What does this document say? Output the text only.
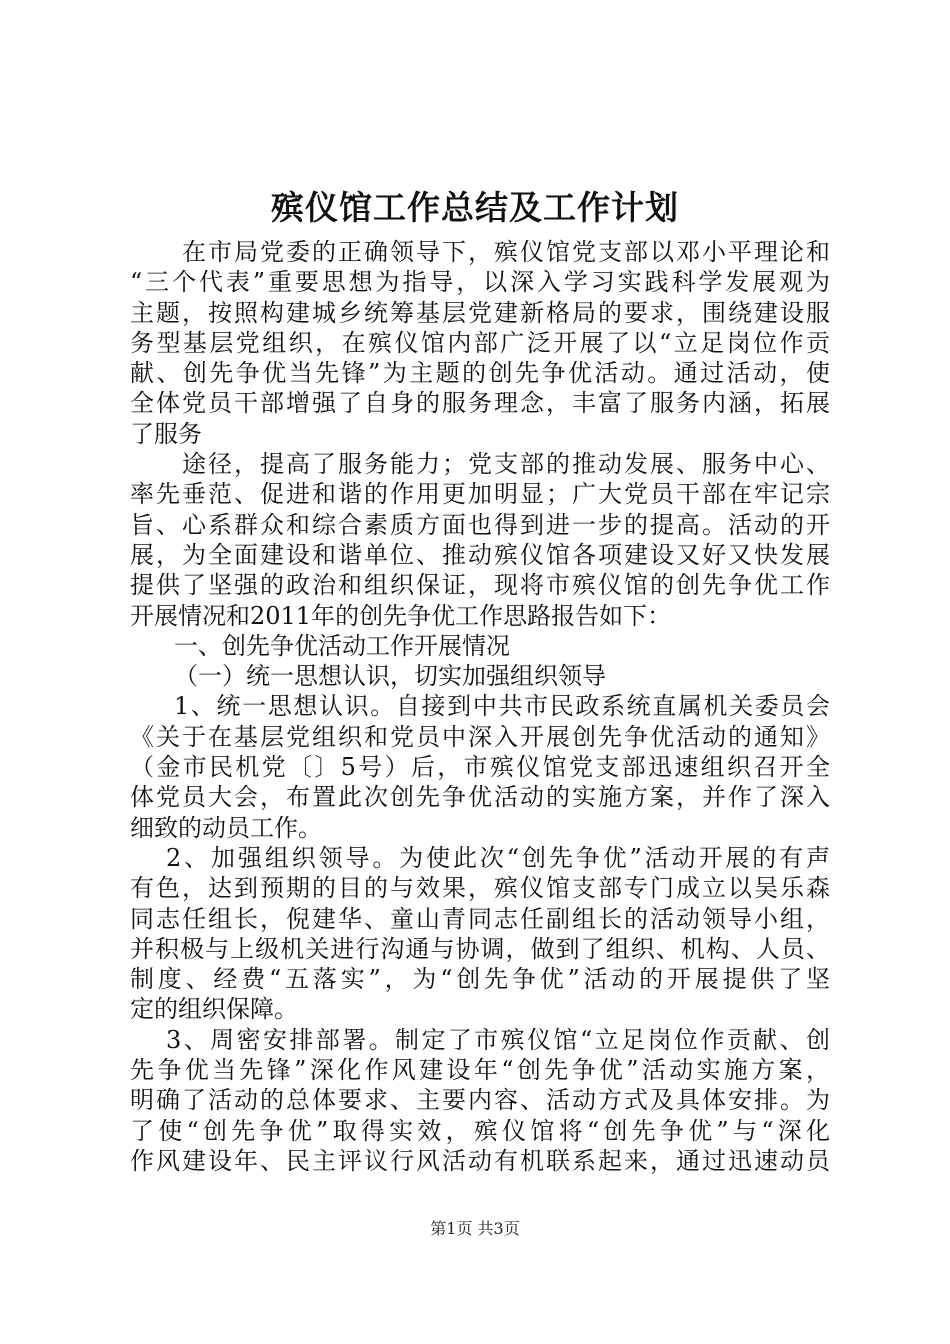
殡仪馆工作总结及工作计划
在市局党委的正确领导下，殡仪馆党支部以邓小平理论和
“三个代表”重要思想为指导，以深入学习实践科学发展观为
主题，按照构建城乡统筹基层党建新格局的要求，围绕建设服
务型基层党组织，在殡仪馆内部广泛开展了以“立足岗位作贡
献、创先争优当先锋”为主题的创先争优活动。通过活动，使
全体党员干部增强了自身的服务理念，丰富了服务内涵，拓展
了服务
途径，提高了服务能力；党支部的推动发展、服务中心、
率先垂范、促进和谐的作用更加明显；广大党员干部在牢记宗
旨、心系群众和综合素质方面也得到进一步的提高。活动的开
展，为全面建设和谐单位、推动殡仪馆各项建设又好又快发展
提供了坚强的政治和组织保证，现将市殡仪馆的创先争优工作
开展情况和2011年的创先争优工作思路报告如下：
一、创先争优活动工作开展情况
（一）统一思想认识，切实加强组织领导
1、统一思想认识。自接到中共市民政系统直属机关委员会
《关于在基层党组织和党员中深入开展创先争优活动的通知》
（金市民机党〔〕5号）后，市殡仪馆党支部迅速组织召开全
体党员大会，布置此次创先争优活动的实施方案，并作了深入
细致的动员工作。
2、加强组织领导。为使此次“创先争优”活动开展的有声
有色，达到预期的目的与效果，殡仪馆支部专门成立以吴乐森
同志任组长，倪建华、童山青同志任副组长的活动领导小组，
并积极与上级机关进行沟通与协调，做到了组织、机构、人员、
制度、经费“五落实”，为“创先争优”活动的开展提供了坚
定的组织保障。
3、周密安排部署。制定了市殡仪馆“立足岗位作贡献、创
先争优当先锋”深化作风建设年“创先争优”活动实施方案，
明确了活动的总体要求、主要内容、活动方式及具体安排。为
了使“创先争优”取得实效，殡仪馆将“创先争优”与“深化
作风建设年、民主评议行风活动有机联系起来，通过迅速动员
第1页 共3页
